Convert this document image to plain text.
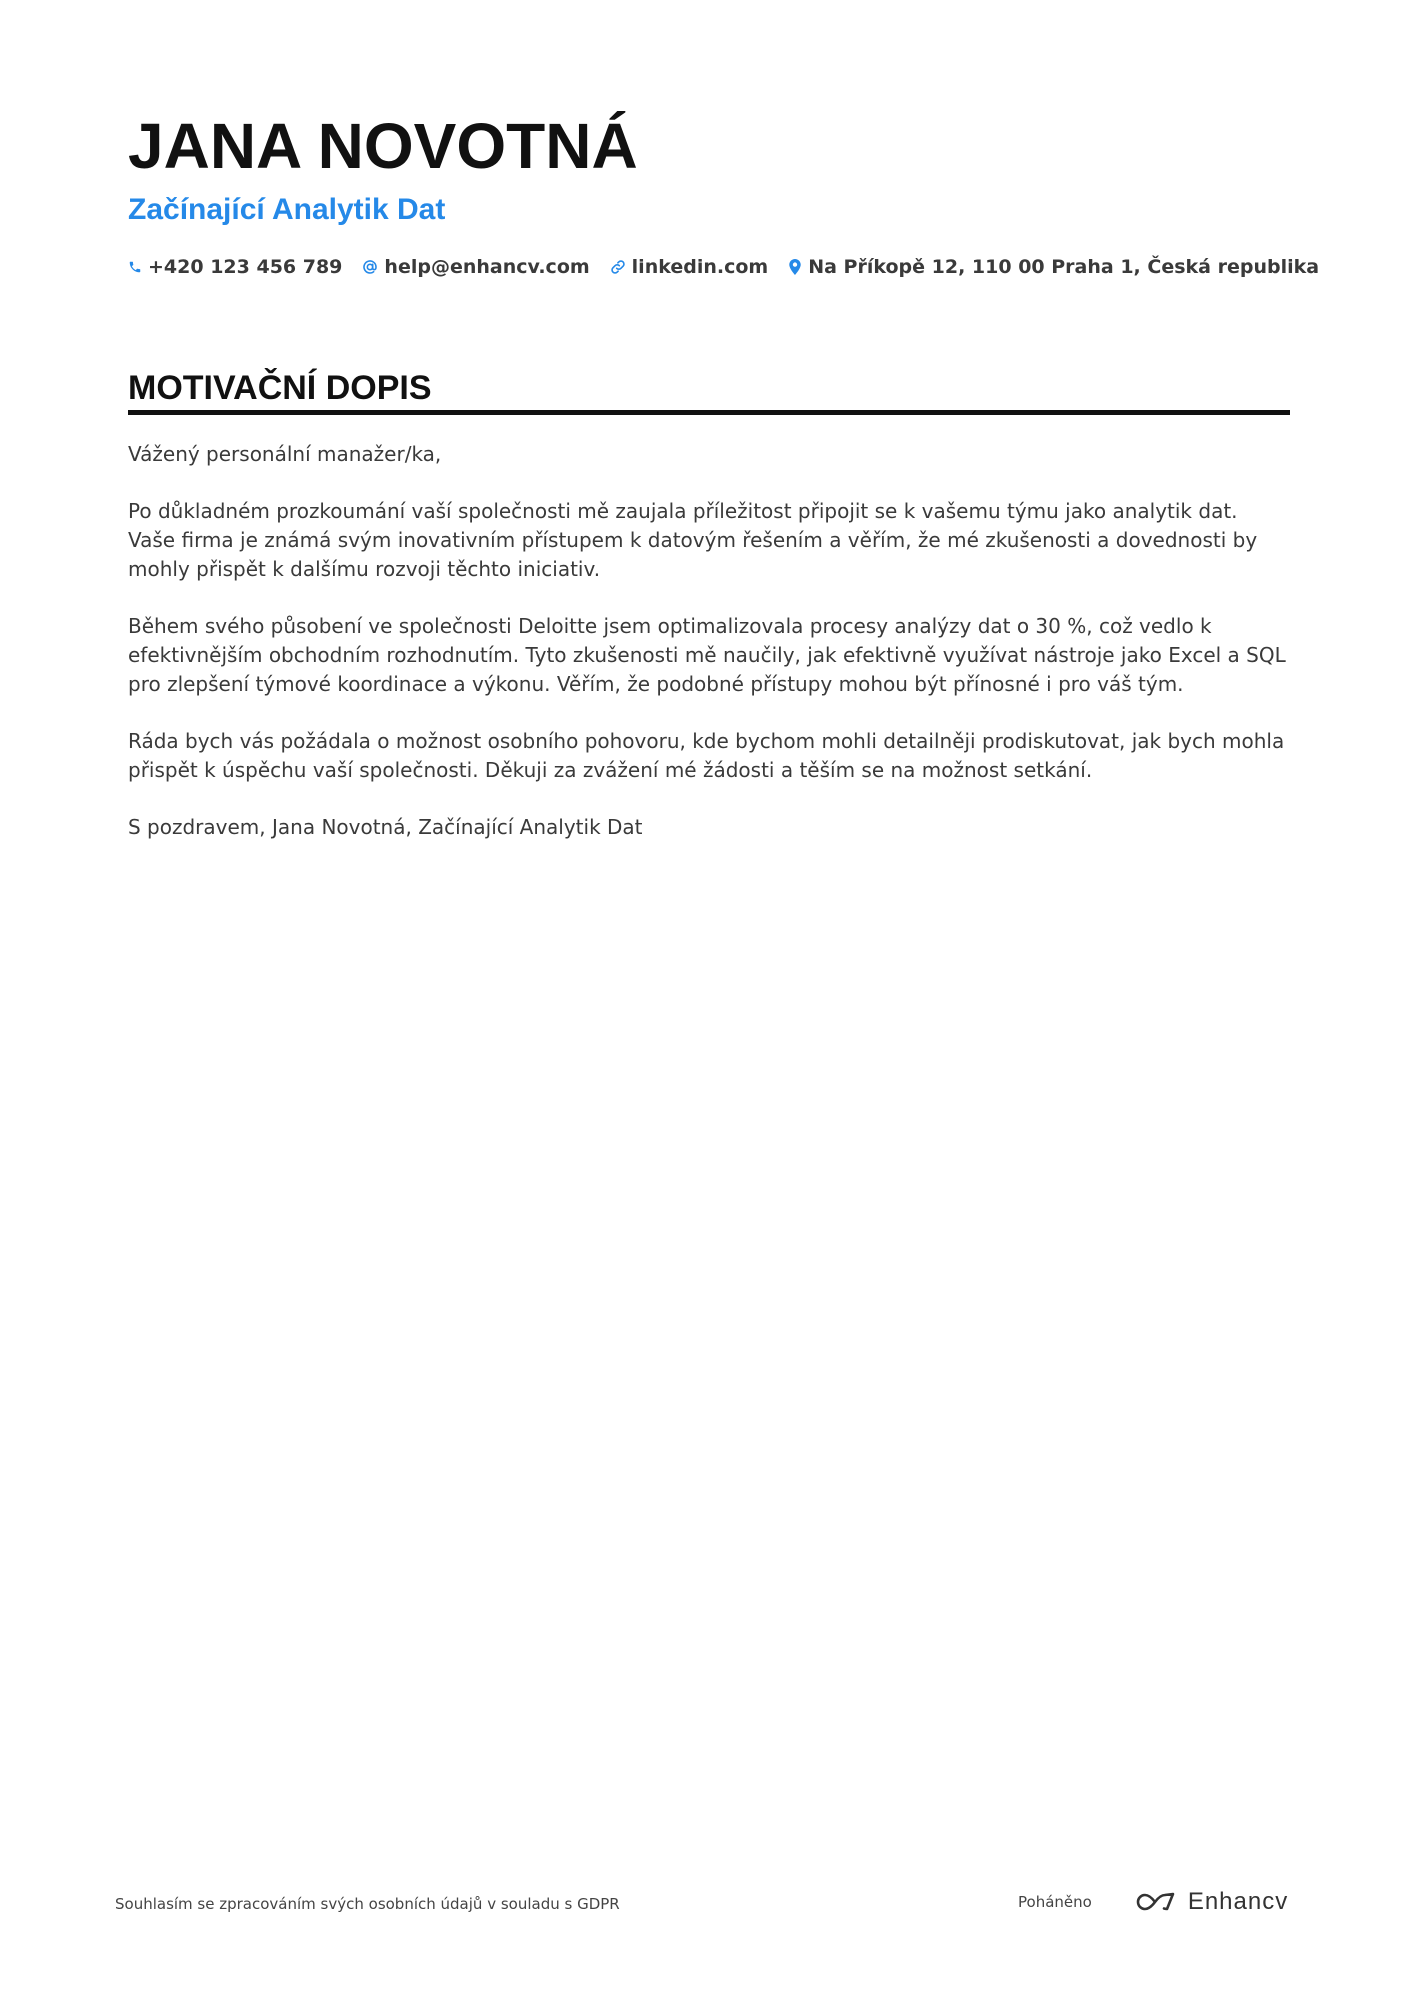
JANA NOVOTNÁ
Začínající Analytik Dat
+420 123 456 789 help@enhancv.com linkedin.com Na Příkopě 12, 110 00 Praha 1, Česká republika
MOTIVAČNÍ DOPIS

Vážený personální manažer/ka,

Po důkladném prozkoumání vaší společnosti mě zaujala příležitost připojit se k vašemu týmu jako analytik dat. Vaše firma je známá svým inovativním přístupem k datovým řešením a věřím, že mé zkušenosti a dovednosti by mohly přispět k dalšímu rozvoji těchto iniciativ.

Během svého působení ve společnosti Deloitte jsem optimalizovala procesy analýzy dat o 30 %, což vedlo k efektivnějším obchodním rozhodnutím. Tyto zkušenosti mě naučily, jak efektivně využívat nástroje jako Excel a SQL pro zlepšení týmové koordinace a výkonu. Věřím, že podobné přístupy mohou být přínosné i pro váš tým.

Ráda bych vás požádala o možnost osobního pohovoru, kde bychom mohli detailněji prodiskutovat, jak bych mohla přispět k úspěchu vaší společnosti. Děkuji za zvážení mé žádosti a těším se na možnost setkání.

S pozdravem, Jana Novotná, Začínající Analytik Dat

Souhlasím se zpracováním svých osobních údajů v souladu s GDPR	Poháněno	Enhancv
